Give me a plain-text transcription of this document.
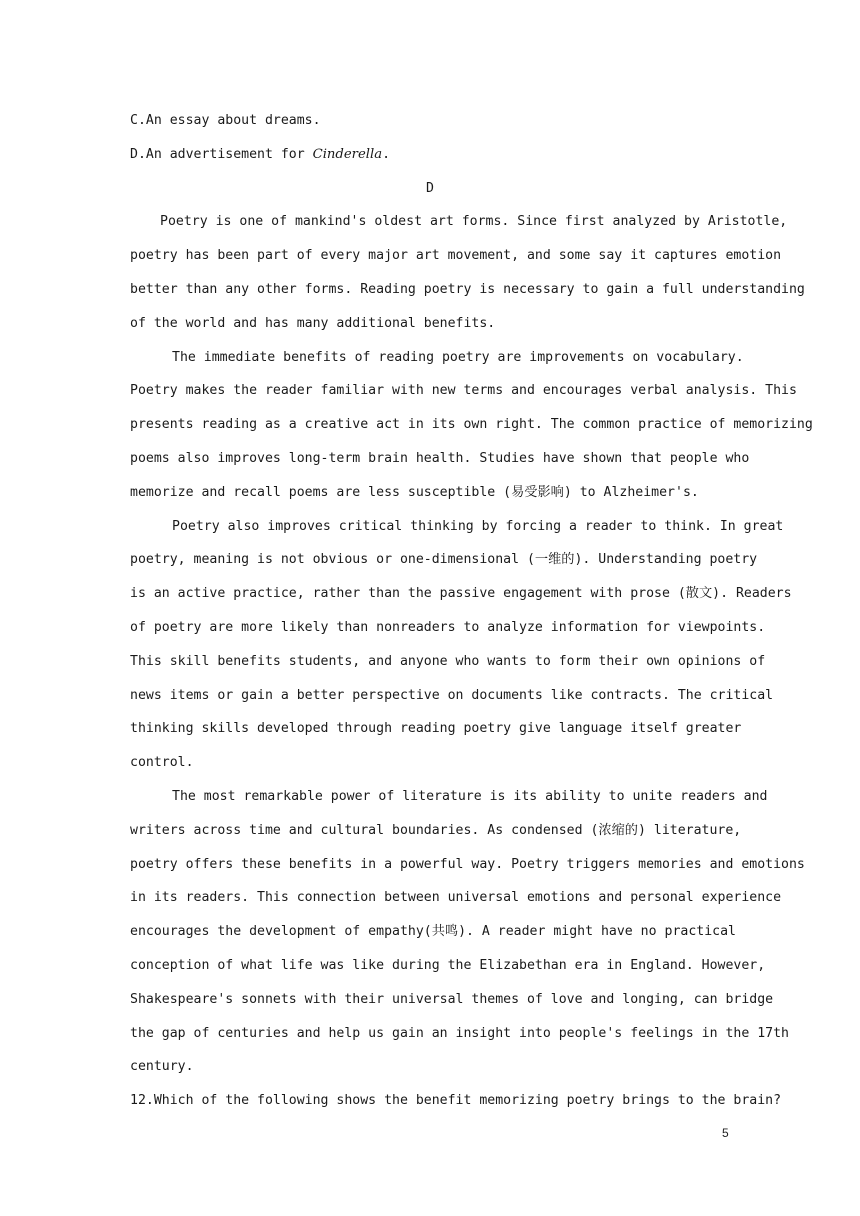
C.An essay about dreams.
D.An advertisement for Cinderella.
D
Poetry is one of mankind's oldest art forms. Since first analyzed by Aristotle,
poetry has been part of every major art movement, and some say it captures emotion
better than any other forms. Reading poetry is necessary to gain a full understanding
of the world and has many additional benefits.
The immediate benefits of reading poetry are improvements on vocabulary.
Poetry makes the reader familiar with new terms and encourages verbal analysis. This
presents reading as a creative act in its own right. The common practice of memorizing
poems also improves long-term brain health. Studies have shown that people who
memorize and recall poems are less susceptible (易受影响) to Alzheimer's.
Poetry also improves critical thinking by forcing a reader to think. In great
poetry, meaning is not obvious or one-dimensional (一维的). Understanding poetry
is an active practice, rather than the passive engagement with prose (散文). Readers
of poetry are more likely than nonreaders to analyze information for viewpoints.
This skill benefits students, and anyone who wants to form their own opinions of
news items or gain a better perspective on documents like contracts. The critical
thinking skills developed through reading poetry give language itself greater
control.
The most remarkable power of literature is its ability to unite readers and
writers across time and cultural boundaries. As condensed (浓缩的) literature,
poetry offers these benefits in a powerful way. Poetry triggers memories and emotions
in its readers. This connection between universal emotions and personal experience
encourages the development of empathy(共鸣). A reader might have no practical
conception of what life was like during the Elizabethan era in England. However,
Shakespeare's sonnets with their universal themes of love and longing, can bridge
the gap of centuries and help us gain an insight into people's feelings in the 17th
century.
12.Which of the following shows the benefit memorizing poetry brings to the brain?
5
